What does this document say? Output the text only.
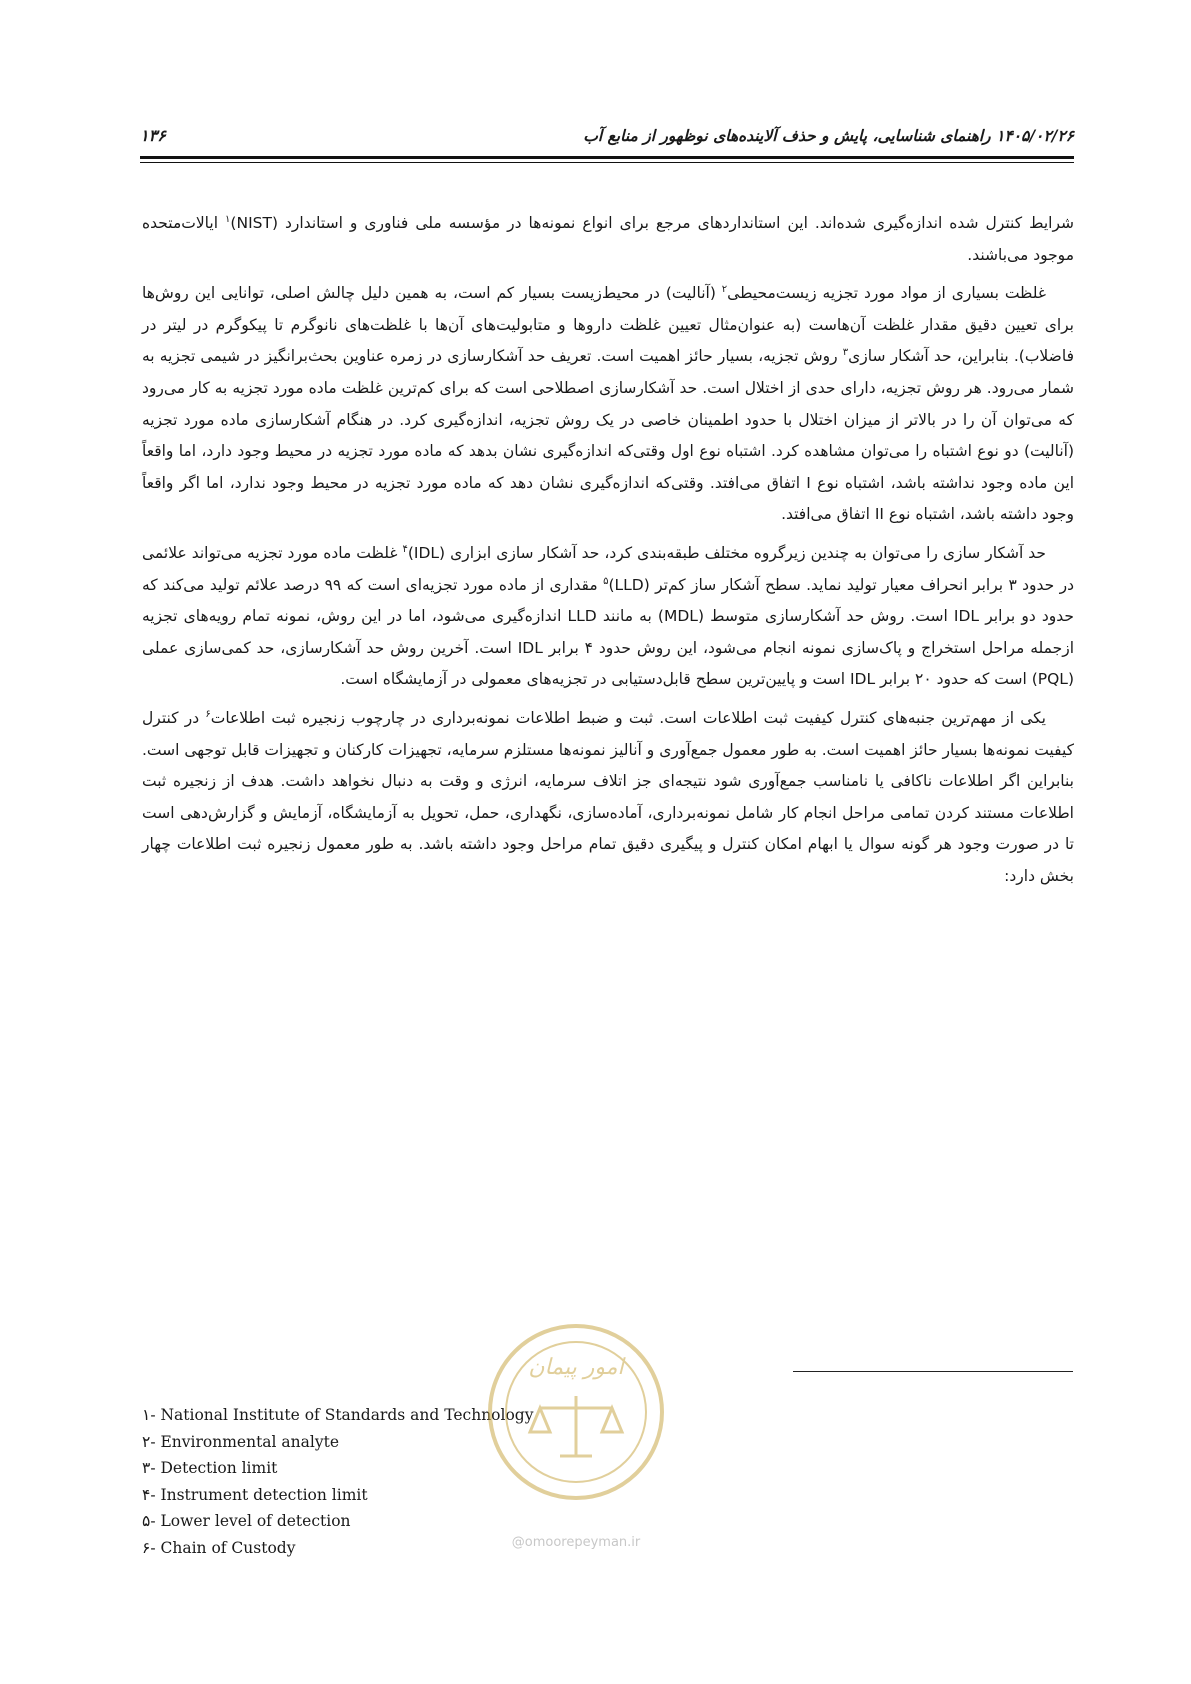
۱۳۶	۱۴۰۵/۰۲/۲۶ راهنمای شناسایی، پایش و حذف آلاینده‌های نوظهور از منابع آب

شرایط کنترل شده اندازه‌گیری شده‌اند. این استانداردهای مرجع برای انواع نمونه‌ها در مؤسسه ملی فناوری و استاندارد (NIST)$^۱$ ایالات‌متحده موجود می‌باشند.

غلظت بسیاری از مواد مورد تجزیه زیست‌محیطی$^۲$ (آنالیت) در محیط‌زیست بسیار کم است، به همین دلیل چالش اصلی، توانایی این روش‌ها برای تعیین دقیق مقدار غلظت آن‌هاست (به عنوان‌مثال تعیین غلظت داروها و متابولیت‌های آن‌ها با غلظت‌های نانوگرم تا پیکوگرم در لیتر در فاضلاب). بنابراین، حد آشکار سازی$^۳$ روش تجزیه، بسیار حائز اهمیت است. تعریف حد آشکارسازی در زمره عناوین بحث‌برانگیز در شیمی تجزیه به شمار می‌رود. هر روش تجزیه، دارای حدی از اختلال است. حد آشکارسازی اصطلاحی است که برای کم‌ترین غلظت ماده مورد تجزیه به کار می‌رود که می‌توان آن را در بالاتر از میزان اختلال با حدود اطمینان خاصی در یک روش تجزیه، اندازه‌گیری کرد. در هنگام آشکارسازی ماده مورد تجزیه (آنالیت) دو نوع اشتباه را می‌توان مشاهده کرد. اشتباه نوع اول وقتی‌که اندازه‌گیری نشان بدهد که ماده مورد تجزیه در محیط وجود دارد، اما واقعاً این ماده وجود نداشته باشد، اشتباه نوع I اتفاق می‌افتد. وقتی‌که اندازه‌گیری نشان دهد که ماده مورد تجزیه در محیط وجود ندارد، اما اگر واقعاً وجود داشته باشد، اشتباه نوع II اتفاق می‌افتد.

حد آشکار سازی را می‌توان به چندین زیرگروه مختلف طبقه‌بندی کرد، حد آشکار سازی ابزاری (IDL)$^۴$ غلظت ماده مورد تجزیه می‌تواند علائمی در حدود ۳ برابر انحراف معیار تولید نماید. سطح آشکار ساز کم‌تر (LLD)$^۵$ مقداری از ماده مورد تجزیه‌ای است که ۹۹ درصد علائم تولید می‌کند که حدود دو برابر IDL است. روش حد آشکارسازی متوسط (MDL) به مانند LLD اندازه‌گیری می‌شود، اما در این روش، نمونه تمام رویه‌های تجزیه ازجمله مراحل استخراج و پاک‌سازی نمونه انجام می‌شود، این روش حدود ۴ برابر IDL است. آخرین روش حد آشکارسازی، حد کمی‌سازی عملی (PQL) است که حدود ۲۰ برابر IDL است و پایین‌ترین سطح قابل‌دستیابی در تجزیه‌های معمولی در آزمایشگاه است.

یکی از مهم‌ترین جنبه‌های کنترل کیفیت ثبت اطلاعات است. ثبت و ضبط اطلاعات نمونه‌برداری در چارچوب زنجیره ثبت اطلاعات$^۶$ در کنترل کیفیت نمونه‌ها بسیار حائز اهمیت است. به طور معمول جمع‌آوری و آنالیز نمونه‌ها مستلزم سرمایه، تجهیزات کارکنان و تجهیزات قابل توجهی است. بنابراین اگر اطلاعات ناکافی یا نامناسب جمع‌آوری شود نتیجه‌ای جز اتلاف سرمایه، انرژی و وقت به دنبال نخواهد داشت. هدف از زنجیره ثبت اطلاعات مستند کردن تمامی مراحل انجام کار شامل نمونه‌برداری، آماده‌سازی، نگهداری، حمل، تحویل به آزمایشگاه، آزمایش و گزارش‌دهی است تا در صورت وجود هر گونه سوال یا ابهام امکان کنترل و پیگیری دقیق تمام مراحل وجود داشته باشد. به طور معمول زنجیره ثبت اطلاعات چهار بخش دارد:

۱- National Institute of Standards and Technology
۲- Environmental analyte
۳- Detection limit
۴- Instrument detection limit
۵- Lower level of detection
۶- Chain of Custody
امور پیمان
@omoorepeyman.ir
